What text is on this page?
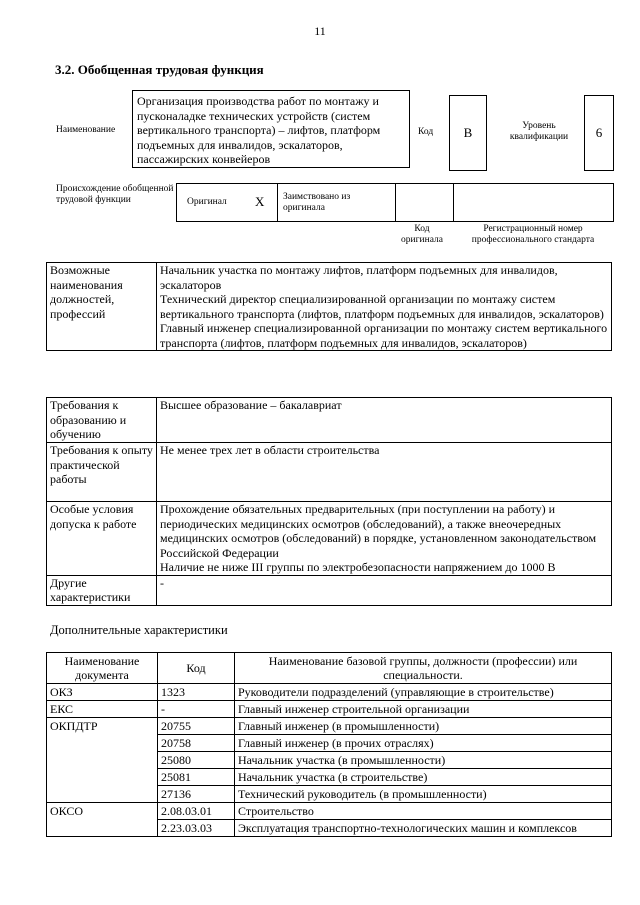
11
3.2. Обобщенная трудовая функция
Наименование
Организация производства работ по монтажу и пусконаладке технических устройств (систем вертикального транспорта) – лифтов, платформ подъемных для инвалидов, эскалаторов, пассажирских конвейеров
Код	B	Уровень квалификации	6
Происхождение обобщенной трудовой функции	Оригинал X Заимствовано из оригинала
Код оригинала
Регистрационный номер профессионального стандарта
Возможные наименования должностей, профессий	
Начальник участка по монтажу лифтов, платформ подъемных для инвалидов, эскалаторов
Технический директор специализированной организации по монтажу систем вертикального транспорта (лифтов, платформ подъемных для инвалидов, эскалаторов)
Главный инженер специализированной организации по монтажу систем вертикального транспорта (лифтов, платформ подъемных для инвалидов, эскалаторов)
Требования к образованию и обучению	Высшее образование – бакалавриат

Требования к опыту практической работы	Не менее трех лет в области строительства

Особые условия допуска к работе	Прохождение обязательных предварительных (при поступлении на работу) и периодических медицинских осмотров (обследований), а также внеочередных медицинских осмотров (обследований) в порядке, установленном законодательством Российской Федерации
Наличие не ниже III группы по электробезопасности напряжением до 1000 В

Другие характеристики	-
Дополнительные характеристики
Наименование документа	Код	Наименование базовой группы, должности (профессии) или специальности.
ОКЗ	1323	Руководители подразделений (управляющие в строительстве)
ЕКС	-	Главный инженер строительной организации
ОКПДТР	20755	Главный инженер (в промышленности)
	20758	Главный инженер (в прочих отраслях)
	25080	Начальник участка (в промышленности)
	25081	Начальник участка (в строительстве)
	27136	Технический руководитель (в промышленности)
ОКСО	2.08.03.01	Строительство
	2.23.03.03	Эксплуатация транспортно-технологических машин и комплексов
